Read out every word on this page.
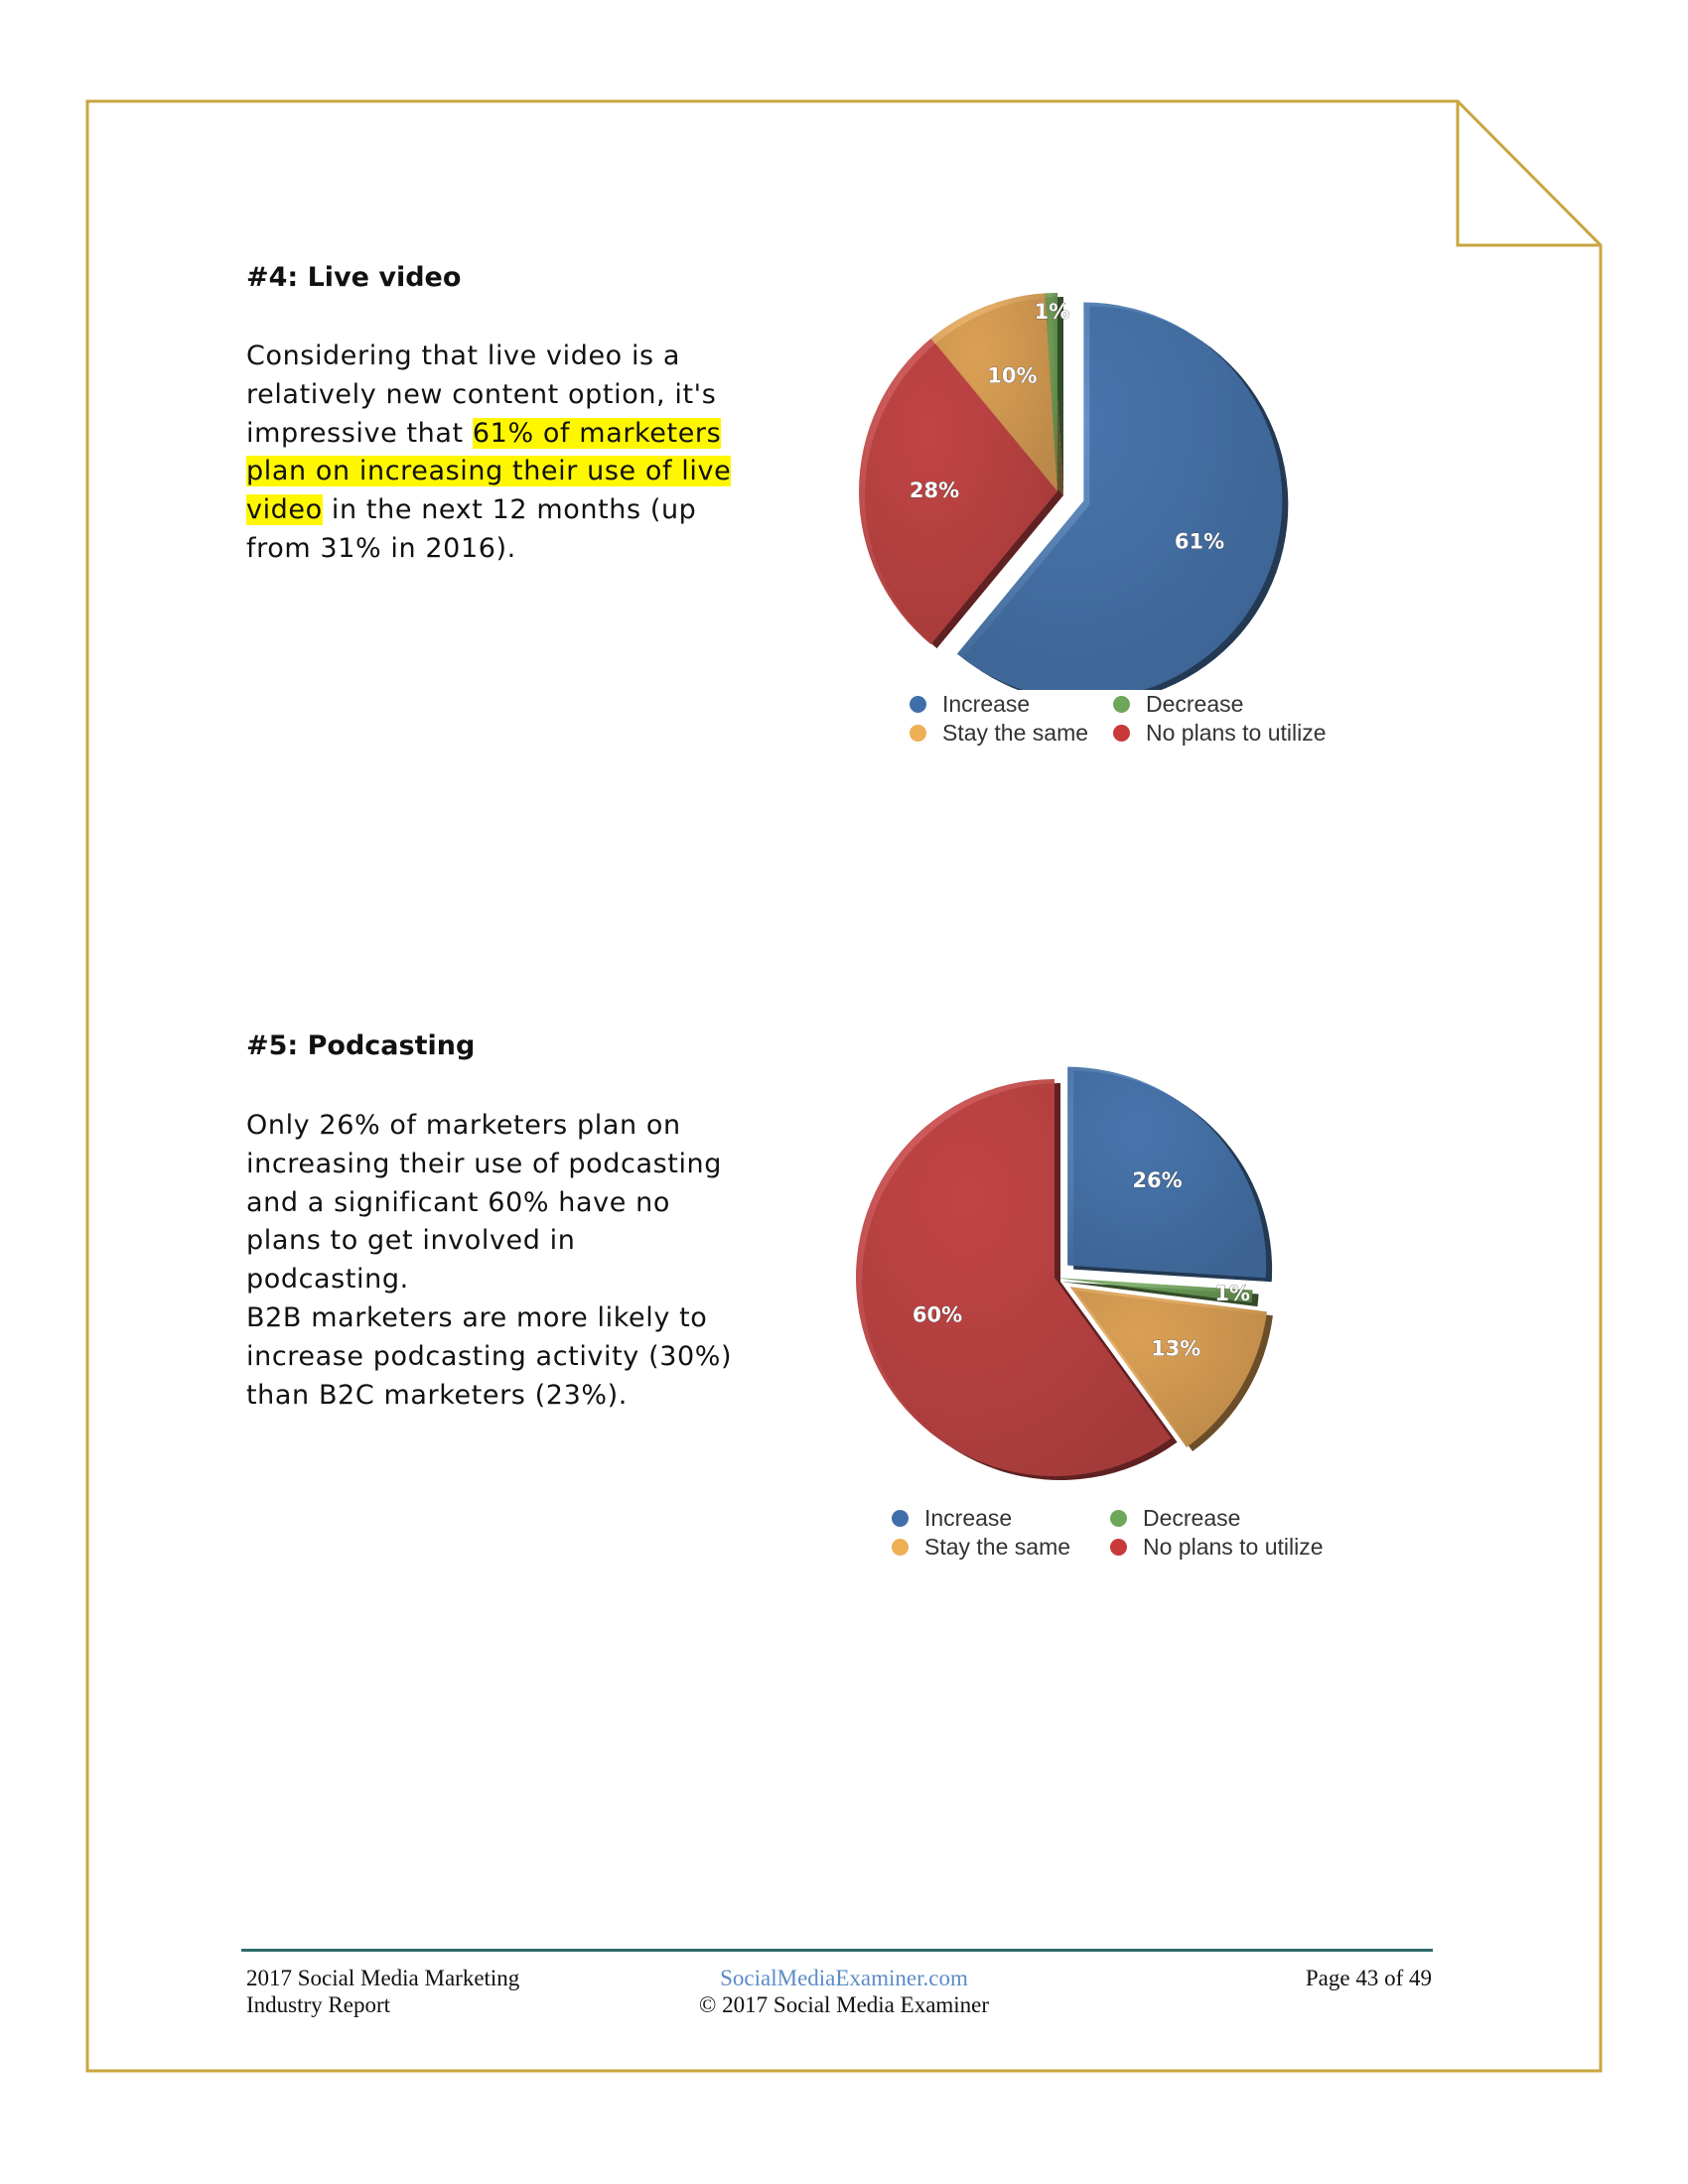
#4: Live video

Considering that live video is a relatively new content option, it's impressive that 61% of marketers plan on increasing their use of live video in the next 12 months (up from 31% in 2016).	61%
28%
10%
1%
Increase	Decrease
Stay the same	No plans to utilize
#5: Podcasting

Only 26% of marketers plan on increasing their use of podcasting and a significant 60% have no plans to get involved in podcasting.

B2B marketers are more likely to increase podcasting activity (30%) than B2C marketers (23%).

26%
1%
13%
60%
Increase	Decrease
Stay the same	No plans to utilize

2017 Social Media Marketing
Industry Report

SocialMediaExaminer.com
© 2017 Social Media Examiner

Page 43 of 49
